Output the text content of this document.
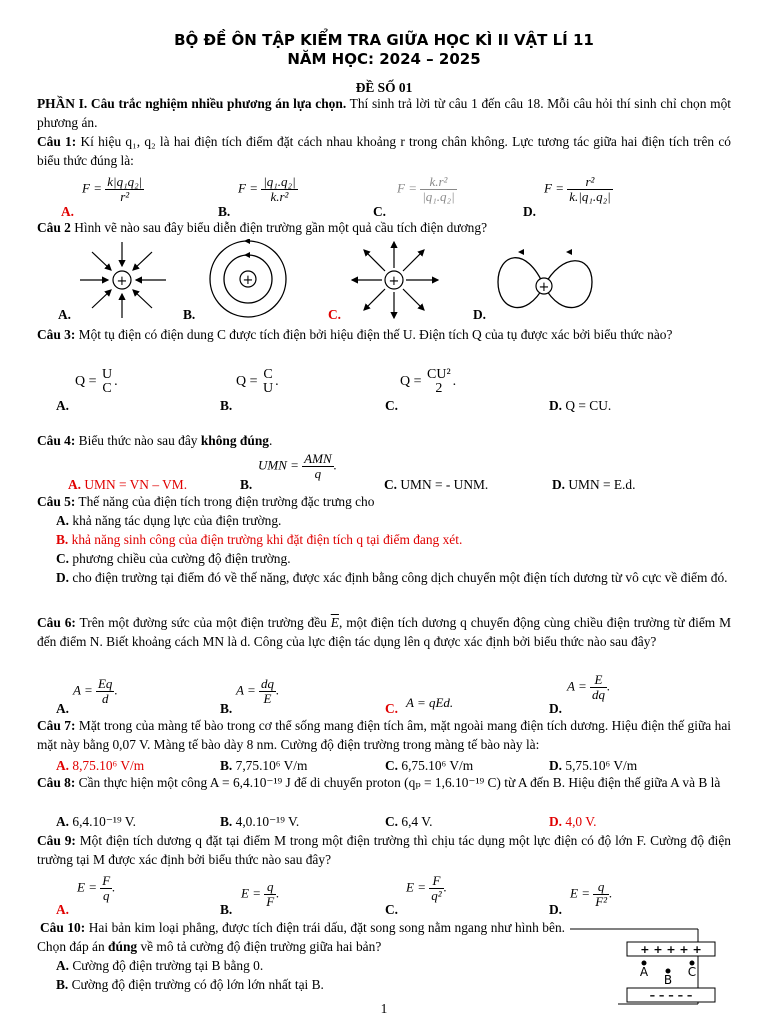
BỘ ĐỀ ÔN TẬP KIỂM TRA GIỮA HỌC KÌ II VẬT LÍ 11
NĂM HỌC: 2024 – 2025
ĐỀ SỐ 01
PHẦN I. Câu trắc nghiệm nhiều phương án lựa chọn. Thí sinh trả lời từ câu 1 đến câu 18. Mỗi câu hỏi thí sinh chỉ chọn một phương án.
Câu 1: Kí hiệu q₁, q₂ là hai điện tích điểm đặt cách nhau khoảng r trong chân không. Lực tương tác giữa hai điện tích trên có biểu thức đúng là:
$F = \frac{\text{k|q₁q₂|}}{\text{r²}}$
A.
$F = \frac{\text{|q₁.q₂|}}{\text{k.r²}}$
B.
$F = \frac{\text{k.r²}}{\text{|q₁.q₂|}}$
C.
$F = \frac{\text{r²}}{\text{k.|q₁.q₂|}}$
D.
Câu 2 Hình vẽ nào sau đây biểu diễn điện trường gần một quả cầu tích điện dương?
+	+	+	+
A.	B.	C.	D.
Câu 3: Một tụ điện có điện dung C được tích điện bởi hiệu điện thế U. Điện tích Q của tụ được xác bởi biểu thức nào?
A.
Q = U
C .
B.
Q = C
U .
C.
Q = CU²
2 .
D. Q = CU.
Câu 4: Biểu thức nào sau đây không đúng.
A. UMN = VN – VM.	B.
UMN = $\frac{\text{AMN}}{q}$ .
C. UMN = - UNM.	D. UMN = E.d.
Câu 5: Thế năng của điện tích trong điện trường đặc trưng cho
A. khả năng tác dụng lực của điện trường.
B. khả năng sinh công của điện trường khi đặt điện tích q tại điểm đang xét.
C. phương chiều của cường độ điện trường.
D. cho điện trường tại điểm đó về thế năng, được xác định bằng công dịch chuyển một điện tích dương từ vô cực về điểm đó.
Câu 6: Trên một đường sức của một điện trường đều $\overline{E}$, một điện tích dương q chuyển động cùng chiều điện trường từ điểm M đến điểm N. Biết khoảng cách MN là d. Công của lực điện tác dụng lên q được xác định bởi biểu thức nào sau đây?
A.
$A = \frac{Eq}{d}$ .
B.
$A = \frac{dq}{E}$ .
C. A = qEd.	D.
$A = \frac{E}{dq}$ .
Câu 7: Mặt trong của màng tế bào trong cơ thể sống mang điện tích âm, mặt ngoài mang điện tích dương. Hiệu điện thế giữa hai mặt này bằng 0,07 V. Màng tế bào dày 8 nm. Cường độ điện trường trong màng tế bào này là:
A. 8,75.10⁶ V/m	B. 7,75.10⁶ V/m	C. 6,75.10⁶ V/m	D. 5,75.10⁶ V/m
Câu 8: Cần thực hiện một công A = 6,4.10⁻¹⁹ J để di chuyển proton (qₚ = 1,6.10⁻¹⁹ C) từ A đến B. Hiệu điện thế giữa A và B là
A. 6,4.10⁻¹⁹ V.	B. 4,0.10⁻¹⁹ V.	C. 6,4 V.	D. 4,0 V.
Câu 9: Một điện tích dương q đặt tại điểm M trong một điện trường thì chịu tác dụng một lực điện có độ lớn F. Cường độ điện trường tại M được xác định bởi biểu thức nào sau đây?
A.
$E = \frac{F}{q}$ .
B.
$E = \frac{q}{F}$ .
C.
$E = \frac{F}{\text{q²}}$ .
D.
$E = \frac{q}{\text{F²}}$ .
Câu 10: Hai bản kim loại phẳng, được tích điện trái dấu, đặt song song nằm ngang như hình bên. Chọn đáp án đúng về mô tả cường độ điện trường giữa hai bản?
A. Cường độ điện trường tại B bằng 0.
B. Cường độ điện trường có độ lớn lớn nhất tại B.
+ + + + +
– – – – –
A
B
C
1
